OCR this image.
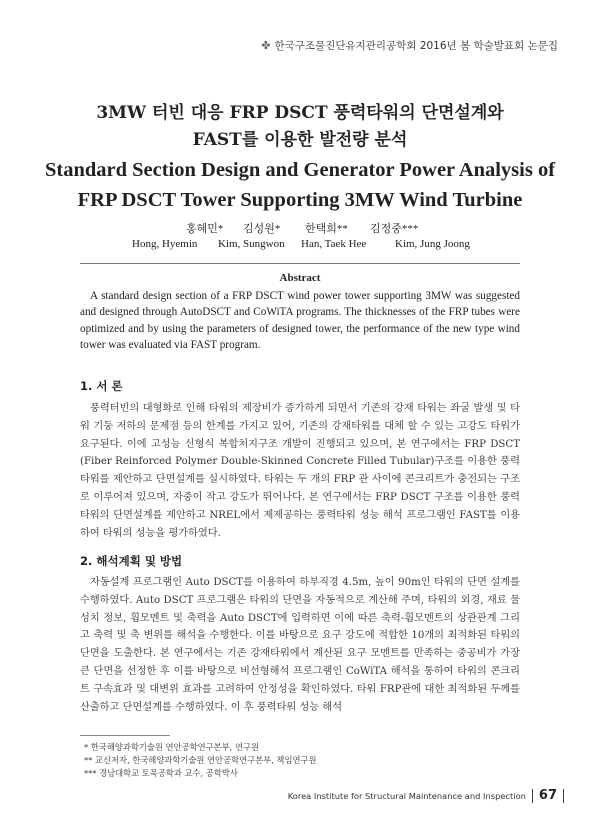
✤ 한국구조물진단유지관리공학회 2016년 봄 학술발표회 논문집
3MW 터빈 대응 FRP DSCT 풍력타워의 단면설계와
FAST를 이용한 발전량 분석
Standard Section Design and Generator Power Analysis of
FRP DSCT Tower Supporting 3MW Wind Turbine
홍혜민* 김성원* 한택희** 김정중***
Hong, Hyemin Kim, Sungwon Han, Taek Hee	Kim, Jung Joong
Abstract

A standard design section of a FRP DSCT wind power tower supporting 3MW was suggested and designed through AutoDSCT and CoWiTA programs. The thicknesses of the FRP tubes were optimized and by using the parameters of designed tower, the performance of the new type wind tower was evaluated via FAST program.

1. 서 론

풍력터빈의 대형화로 인해 타워의 제장비가 증가하게 되면서 기존의 강재 타워는 좌굴 발생 및 타워 기둥 저하의 문제점 등의 한계를 가지고 있어, 기존의 강재타워를 대체 할 수 있는 고강도 타워가 요구된다. 이에 고성능 신형식 복합처지구조 개발이 진행되고 있으며, 본 연구에서는 FRP DSCT (Fiber Reinforced Polymer Double-Skinned Concrete Filled Tubular)구조를 이용한 풍력타워를 제안하고 단면설계를 실시하였다. 타워는 두 개의 FRP 관 사이에 콘크리트가 충전되는 구조로 이루어져 있으며, 자중이 작고 강도가 뛰어나다. 본 연구에서는 FRP DSCT 구조를 이용한 풍력타워의 단면설계를 제안하고 NREL에서 제제공하는 풍력타워 성능 해석 프로그램인 FAST를 이용하여 타워의 성능을 평가하였다.

2. 해석계획 및 방법

자동설계 프로그램인 Auto DSCT를 이용하여 하부직경 4.5m, 높이 90m인 타워의 단면 설계를 수행하였다. Auto DSCT 프로그램은 타워의 단면을 자동적으로 계산해 주며, 타워의 외경, 재료 물성치 정보, 휨모멘트 및 축력을 Auto DSCT에 입력하면 이에 따른 축력-휨모멘트의 상관관계 그리고 축력 및 축 변위를 해석을 수행한다. 이를 바탕으로 요구 강도에 적합한 10개의 최적화된 타워의 단면을 도출한다. 본 연구에서는 기존 강재타워에서 계산된 요구 모멘트를 만족하는 중공비가 가장 큰 단면을 선정한 후 이를 바탕으로 비선형해석 프로그램인 CoWiTA 해석을 통하여 타워의 콘크리트 구속효과 및 대변위 효과를 고려하여 안정성을 확인하였다. 타워 FRP관에 대한 최적화된 두께를 산출하고 단면설계를 수행하였다. 이 후 풍력타워 성능 해석

* 한국해양과학기술원 연안공학연구본부, 연구원
** 교신저자, 한국해양과학기술원 연안공학연구본부, 책임연구원
*** 경남대학교 토목공학과 교수, 공학박사
Korea Institute for Structural Maintenance and Inspection 67
